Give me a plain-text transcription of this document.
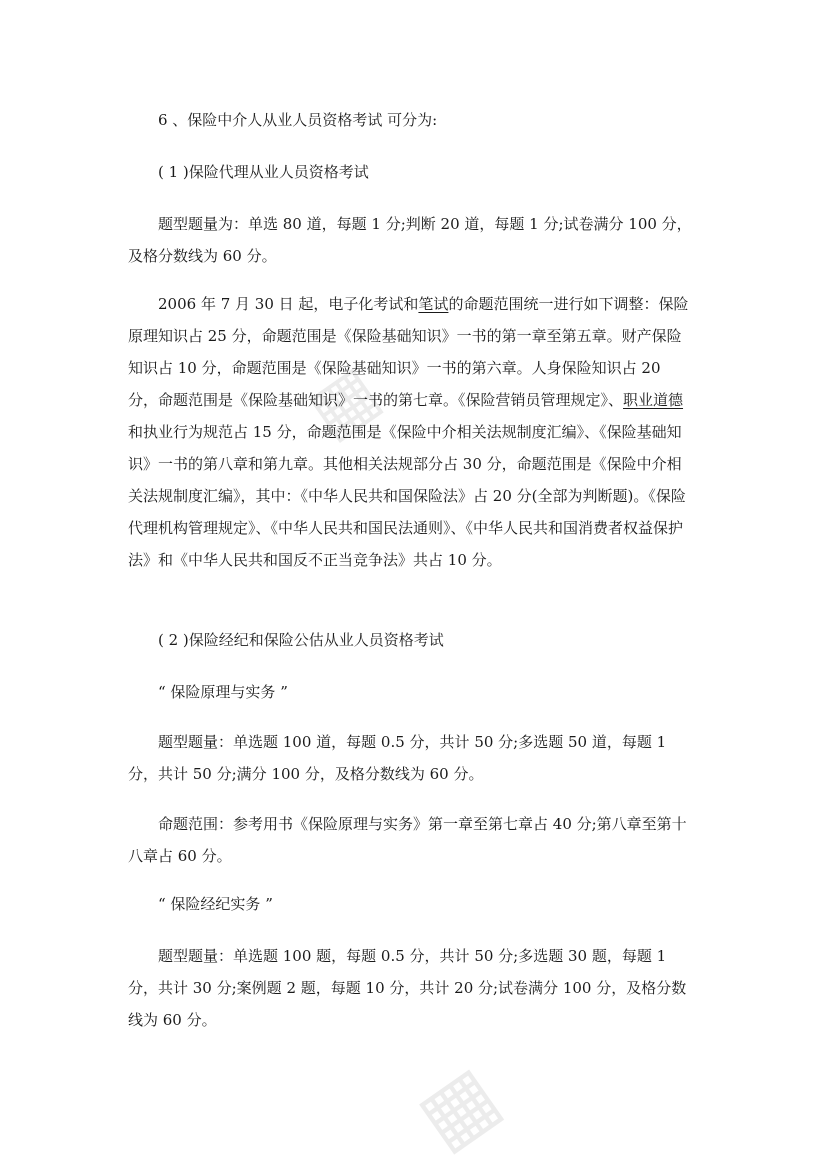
▦
▦

6 、保险中介人从业人员资格考试 可分为:

( 1 )保险代理从业人员资格考试

题型题量为：单选 80 道，每题 1 分;判断 20 道，每题 1 分;试卷满分 100 分，及格分数线为 60 分。

2006 年 7 月 30 日 起，电子化考试和笔试的命题范围统一进行如下调整：保险原理知识占 25 分，命题范围是《保险基础知识》一书的第一章至第五章。财产保险知识占 10 分，命题范围是《保险基础知识》一书的第六章。人身保险知识占 20 分，命题范围是《保险基础知识》一书的第七章。《保险营销员管理规定》、职业道德和执业行为规范占 15 分，命题范围是《保险中介相关法规制度汇编》、《保险基础知识》一书的第八章和第九章。其他相关法规部分占 30 分，命题范围是《保险中介相关法规制度汇编》，其中：《中华人民共和国保险法》占 20 分(全部为判断题)。《保险代理机构管理规定》、《中华人民共和国民法通则》、《中华人民共和国消费者权益保护法》和《中华人民共和国反不正当竞争法》共占 10 分。

( 2 )保险经纪和保险公估从业人员资格考试

“ 保险原理与实务 ”

题型题量：单选题 100 道，每题 0.5 分，共计 50 分;多选题 50 道，每题 1 分，共计 50 分;满分 100 分，及格分数线为 60 分。

命题范围：参考用书《保险原理与实务》第一章至第七章占 40 分;第八章至第十八章占 60 分。

“ 保险经纪实务 ”

题型题量：单选题 100 题，每题 0.5 分，共计 50 分;多选题 30 题，每题 1 分，共计 30 分;案例题 2 题，每题 10 分，共计 20 分;试卷满分 100 分，及格分数线为 60 分。
